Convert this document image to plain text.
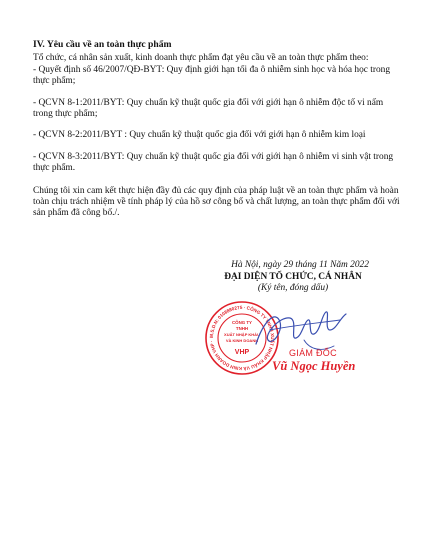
IV. Yêu cầu về an toàn thực phẩm

Tổ chức, cá nhân sản xuất, kinh doanh thực phẩm đạt yêu cầu về an toàn thực phẩm theo:

- Quyết định số 46/2007/QĐ-BYT: Quy định giới hạn tối đa ô nhiễm sinh học và hóa học trong thực phẩm;

- QCVN 8-1:2011/BYT: Quy chuẩn kỹ thuật quốc gia đối với giới hạn ô nhiễm độc tố vi nấm trong thực phẩm;

- QCVN 8-2:2011/BYT : Quy chuẩn kỹ thuật quốc gia đối với giới hạn ô nhiễm kim loại

- QCVN 8-3:2011/BYT: Quy chuẩn kỹ thuật quốc gia đối với giới hạn ô nhiễm vi sinh vật trong thực phẩm.

Chúng tôi xin cam kết thực hiện đầy đủ các quy định của pháp luật về an toàn thực phẩm và hoàn toàn chịu trách nhiệm về tính pháp lý của hồ sơ công bố và chất lượng, an toàn thực phẩm đối với sản phẩm đã công bố./.

Hà Nội, ngày 29 tháng 11 Năm 2022
ĐẠI DIỆN TỔ CHỨC, CÁ NHÂN
(Ký tên, đóng dấu)
M.S.D.N: 0108880275 · CÔNG TY TNHH XUẤT NHẬP KHẨU VÀ KINH DOANH VHP ·
CÔNG TY
TNHH
XUẤT NHẬP KHẨU
VÀ KINH DOANH
VHP	GIÁM ĐỐC
Vũ Ngọc Huyền
